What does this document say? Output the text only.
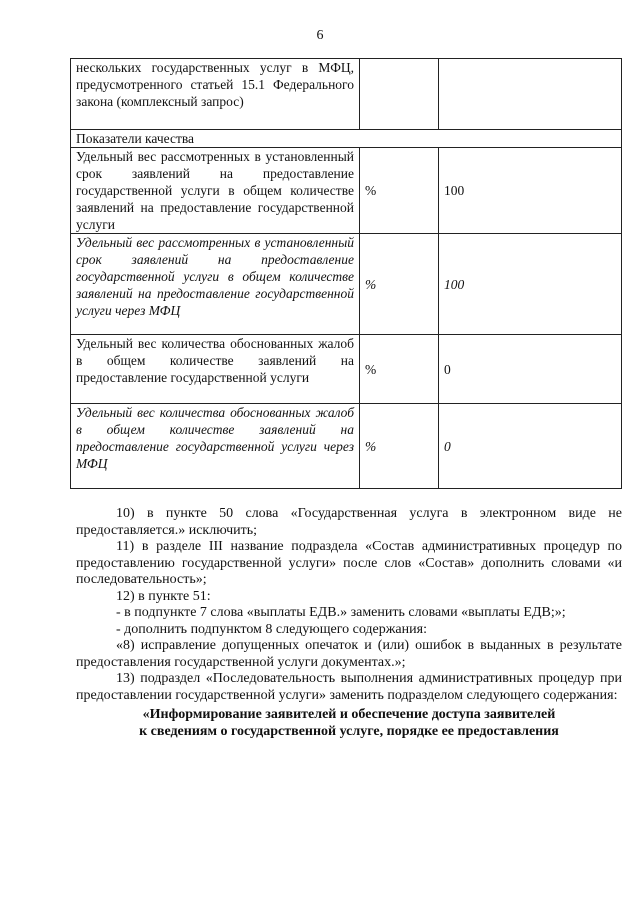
6
нескольких государственных услуг в МФЦ, предусмотренного статьей 15.1 Федерального закона (комплексный запрос)		
Показатели качества		
Удельный вес рассмотренных в установленный срок заявлений на предоставление государственной услуги в общем количестве заявлений на предоставление государственной услуги	%	100
Удельный вес рассмотренных в установленный срок заявлений на предоставление государственной услуги в общем количестве заявлений на предоставление государственной услуги через МФЦ	%	100
Удельный вес количества обоснованных жалоб в общем количестве заявлений на предоставление государственной услуги	%	0
Удельный вес количества обоснованных жалоб в общем количестве заявлений на предоставление государственной услуги через МФЦ	%	0

10) в пункте 50 слова «Государственная услуга в электронном виде не предоставляется.» исключить;

11) в разделе III название подраздела «Состав административных процедур по предоставлению государственной услуги» после слов «Состав» дополнить словами «и последовательность»;

12) в пункте 51:

- в подпункте 7 слова «выплаты ЕДВ.» заменить словами «выплаты ЕДВ;»;

- дополнить подпунктом 8 следующего содержания:

«8) исправление допущенных опечаток и (или) ошибок в выданных в результате предоставления государственной услуги документах.»;

13) подраздел «Последовательность выполнения административных процедур при предоставлении государственной услуги» заменить подразделом следующего содержания:

«Информирование заявителей и обеспечение доступа заявителей
к сведениям о государственной услуге, порядке ее предоставления
